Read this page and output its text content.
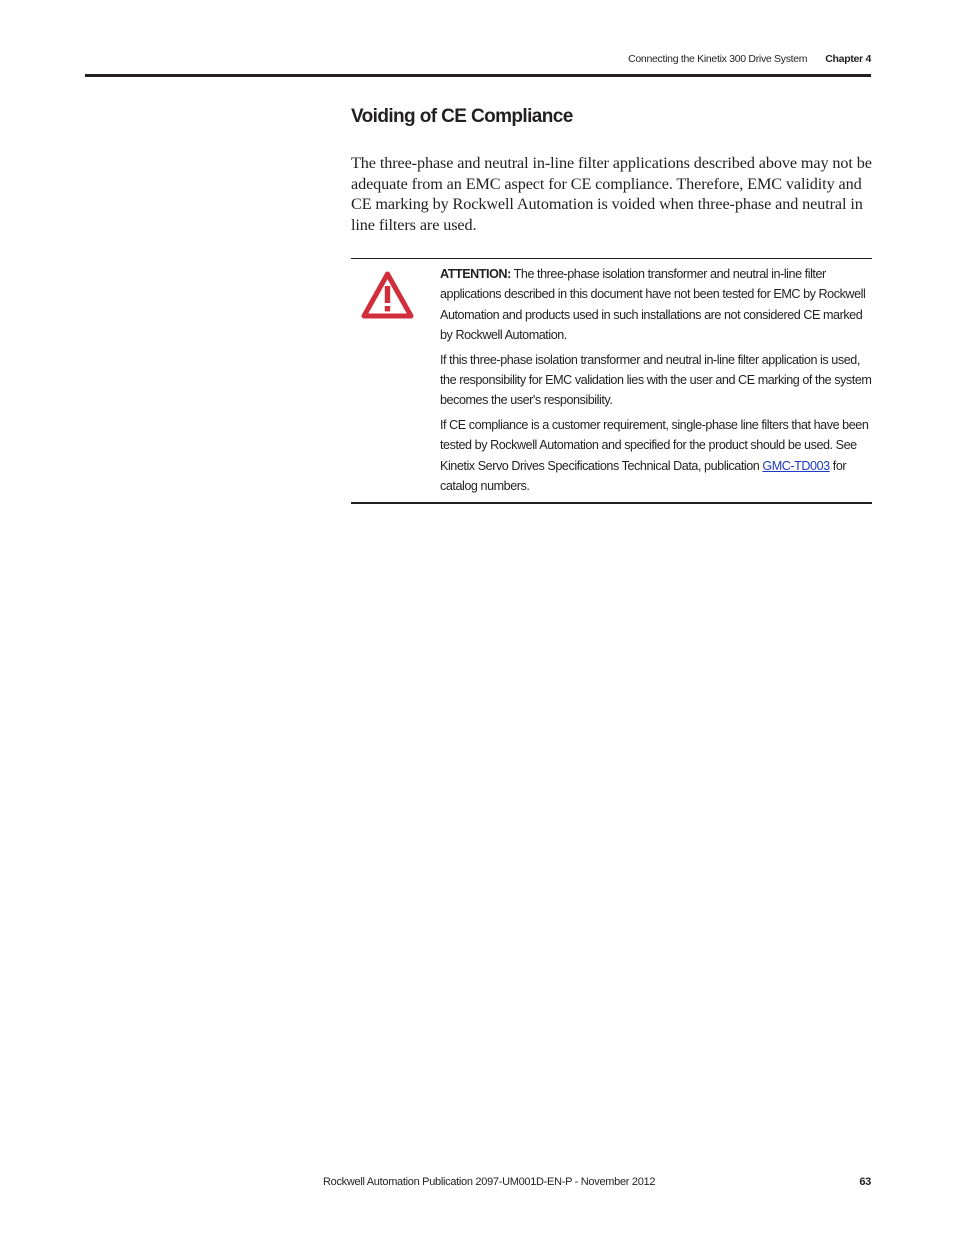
Connecting the Kinetix 300 Drive System Chapter 4
Voiding of CE Compliance

The three-phase and neutral in-line filter applications described above may not be adequate from an EMC aspect for CE compliance. Therefore, EMC validity and CE marking by Rockwell Automation is voided when three-phase and neutral in line filters are used.

ATTENTION: The three-phase isolation transformer and neutral in-line filter applications described in this document have not been tested for EMC by Rockwell Automation and products used in such installations are not considered CE marked by Rockwell Automation.

If this three-phase isolation transformer and neutral in-line filter application is used, the responsibility for EMC validation lies with the user and CE marking of the system becomes the user's responsibility.

If CE compliance is a customer requirement, single-phase line filters that have been tested by Rockwell Automation and specified for the product should be used. See Kinetix Servo Drives Specifications Technical Data, publication GMC-TD003 for catalog numbers.

Rockwell Automation Publication 2097-UM001D-EN-P - November 2012	63
